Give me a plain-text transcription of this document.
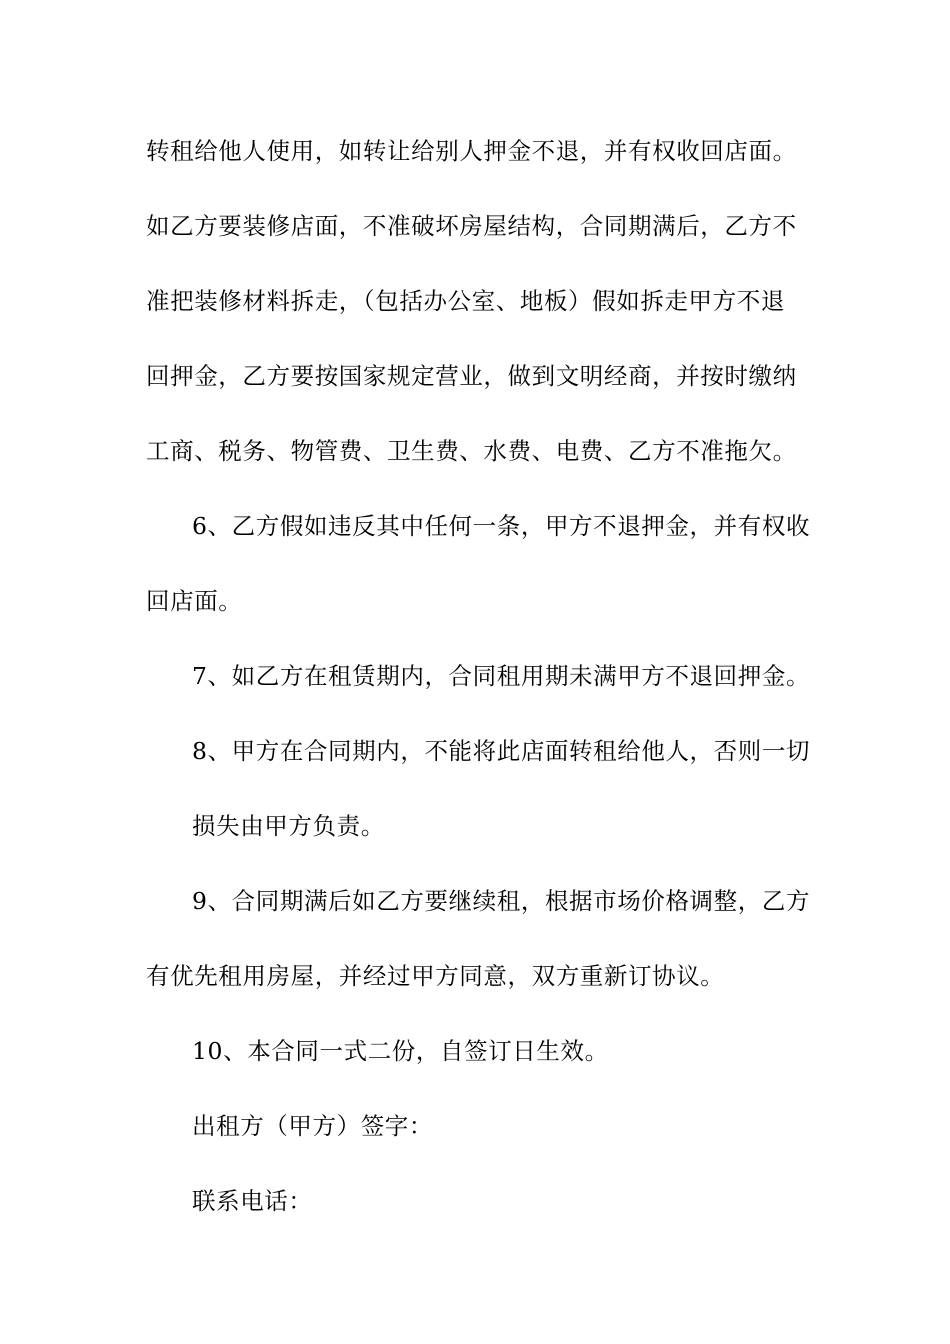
转租给他人使用，如转让给别人押金不退，并有权收回店面。
如乙方要装修店面，不准破坏房屋结构，合同期满后，乙方不
准把装修材料拆走，（包括办公室、地板）假如拆走甲方不退
回押金，乙方要按国家规定营业，做到文明经商，并按时缴纳
工商、税务、物管费、卫生费、水费、电费、乙方不准拖欠。
6、乙方假如违反其中任何一条，甲方不退押金，并有权收
回店面。
7、如乙方在租赁期内，合同租用期未满甲方不退回押金。
8、甲方在合同期内，不能将此店面转租给他人，否则一切
损失由甲方负责。
9、合同期满后如乙方要继续租，根据市场价格调整，乙方
有优先租用房屋，并经过甲方同意，双方重新订协议。
10、本合同一式二份，自签订日生效。
出租方（甲方）签字：
联系电话：
